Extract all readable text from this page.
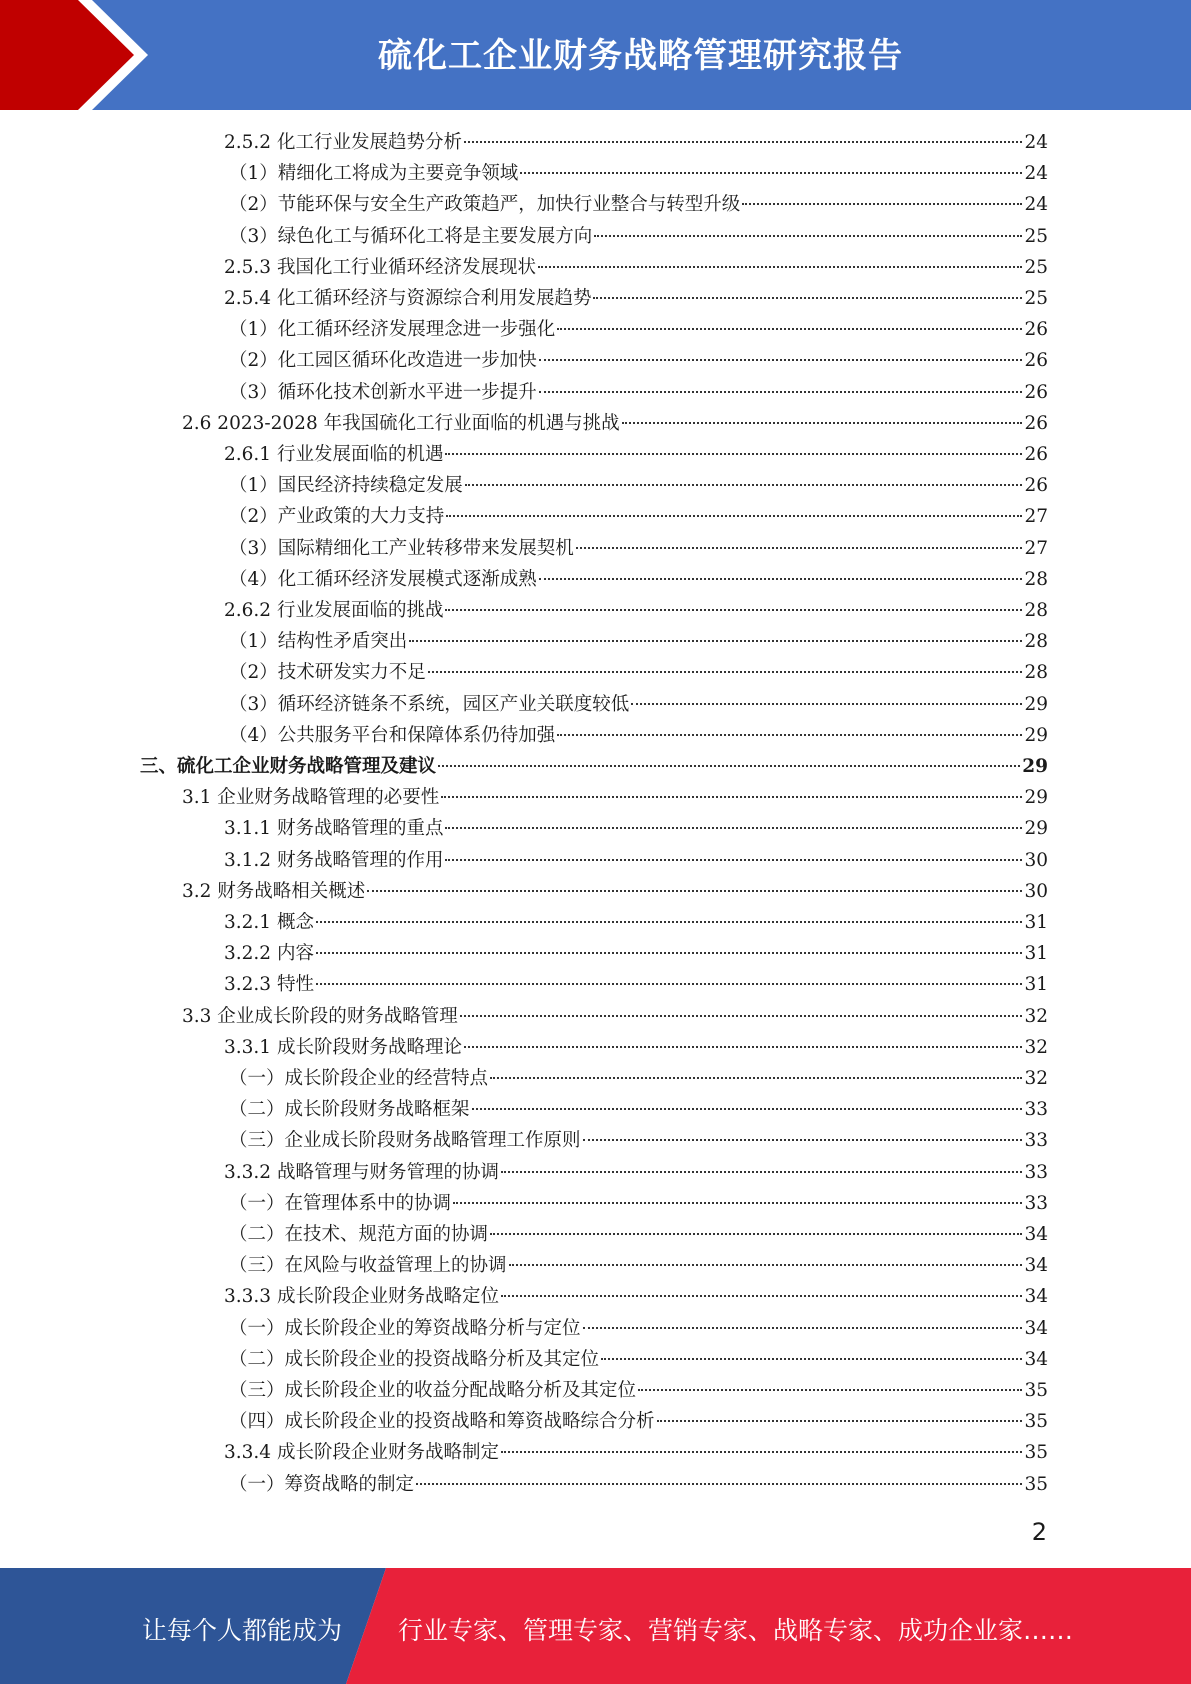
硫化工企业财务战略管理研究报告
2.5.2 化工行业发展趋势分析	24
（1）精细化工将成为主要竞争领域	24
（2）节能环保与安全生产政策趋严，加快行业整合与转型升级	24
（3）绿色化工与循环化工将是主要发展方向	25
2.5.3 我国化工行业循环经济发展现状	25
2.5.4 化工循环经济与资源综合利用发展趋势	25
（1）化工循环经济发展理念进一步强化	26
（2）化工园区循环化改造进一步加快	26
（3）循环化技术创新水平进一步提升	26
2.6 2023-2028 年我国硫化工行业面临的机遇与挑战	26
2.6.1 行业发展面临的机遇	26
（1）国民经济持续稳定发展	26
（2）产业政策的大力支持	27
（3）国际精细化工产业转移带来发展契机	27
（4）化工循环经济发展模式逐渐成熟	28
2.6.2 行业发展面临的挑战	28
（1）结构性矛盾突出	28
（2）技术研发实力不足	28
（3）循环经济链条不系统，园区产业关联度较低	29
（4）公共服务平台和保障体系仍待加强	29
三、硫化工企业财务战略管理及建议	29
3.1 企业财务战略管理的必要性	29
3.1.1 财务战略管理的重点	29
3.1.2 财务战略管理的作用	30
3.2 财务战略相关概述	30
3.2.1 概念	31
3.2.2 内容	31
3.2.3 特性	31
3.3 企业成长阶段的财务战略管理	32
3.3.1 成长阶段财务战略理论	32
（一）成长阶段企业的经营特点	32
（二）成长阶段财务战略框架	33
（三）企业成长阶段财务战略管理工作原则	33
3.3.2 战略管理与财务管理的协调	33
（一）在管理体系中的协调	33
（二）在技术、规范方面的协调	34
（三）在风险与收益管理上的协调	34
3.3.3 成长阶段企业财务战略定位	34
（一）成长阶段企业的筹资战略分析与定位	34
（二）成长阶段企业的投资战略分析及其定位	34
（三）成长阶段企业的收益分配战略分析及其定位	35
（四）成长阶段企业的投资战略和筹资战略综合分析	35
3.3.4 成长阶段企业财务战略制定	35
（一）筹资战略的制定	35
2
让每个人都能成为 行业专家、管理专家、营销专家、战略专家、成功企业家……
